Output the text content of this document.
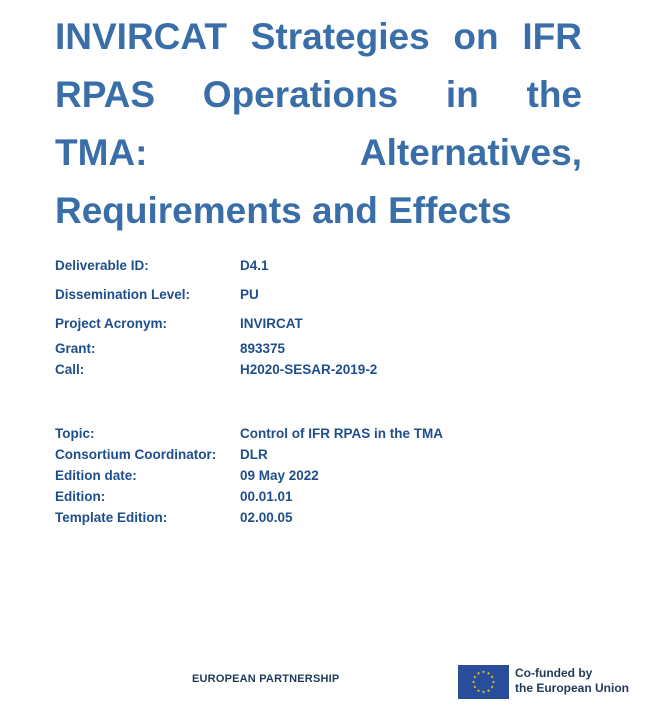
INVIRCAT Strategies on IFR
RPAS Operations in the
TMA: Alternatives,
Requirements and Effects
Deliverable ID:	D4.1
Dissemination Level:	PU
Project Acronym:	INVIRCAT
Grant:	893375
Call:	H2020-SESAR-2019-2
Topic:	Control of IFR RPAS in the TMA
Consortium Coordinator: DLR
Edition date:	09 May 2022
Edition:	00.01.01
Template Edition:	02.00.05
EUROPEAN PARTNERSHIP	Co-funded by
the European Union
